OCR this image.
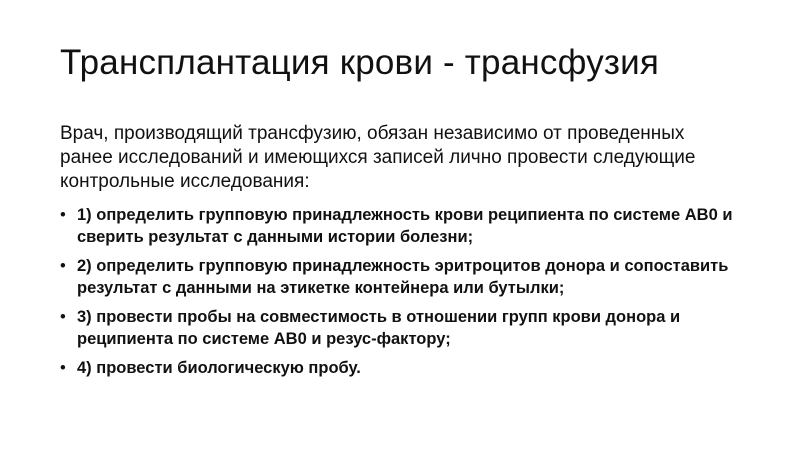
Трансплантация крови - трансфузия

Врач, производящий трансфузию, обязан независимо от проведенных ранее исследований и имеющихся записей лично провести следующие контрольные исследования:

• 1) определить групповую принадлежность крови реципиента по системе АВ0 и сверить результат с данными истории болезни;
• 2) определить групповую принадлежность эритроцитов донора и сопоставить результат с данными на этикетке контейнера или бутылки;
• 3) провести пробы на совместимость в отношении групп крови донора и реципиента по системе АВ0 и резус-фактору;
• 4) провести биологическую пробу.
